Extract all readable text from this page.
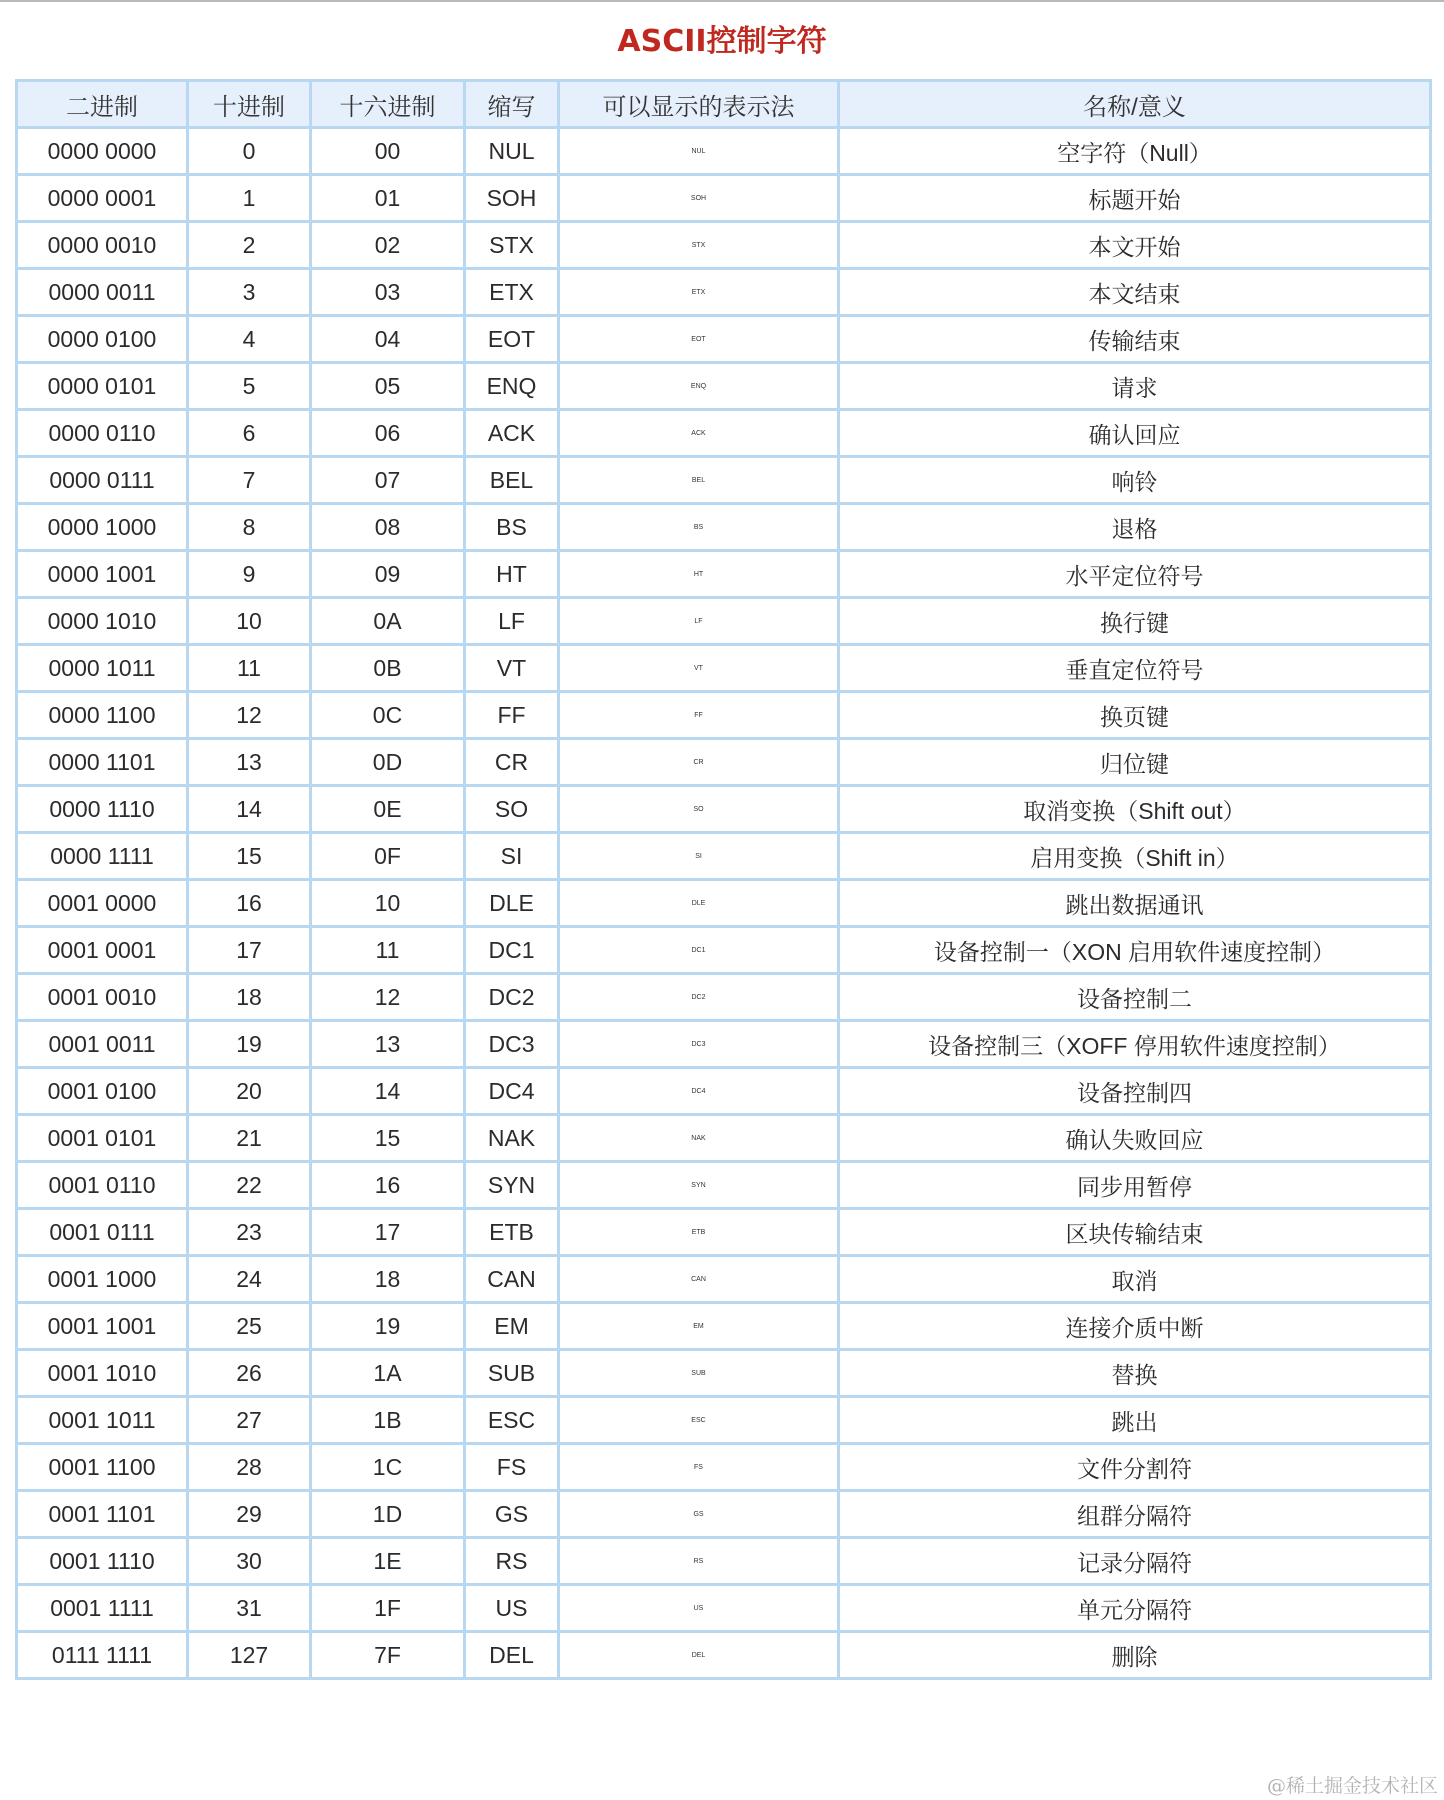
ASCII控制字符
二进制	十进制	十六进制	缩写	可以显示的表示法	名称/意义
0000 0000	0	00	NUL	NUL	空字符（Null）
0000 0001	1	01	SOH	SOH	标题开始
0000 0010	2	02	STX	STX	本文开始
0000 0011	3	03	ETX	ETX	本文结束
0000 0100	4	04	EOT	EOT	传输结束
0000 0101	5	05	ENQ	ENQ	请求
0000 0110	6	06	ACK	ACK	确认回应
0000 0111	7	07	BEL	BEL	响铃
0000 1000	8	08	BS	BS	退格
0000 1001	9	09	HT	HT	水平定位符号
0000 1010	10	0A	LF	LF	换行键
0000 1011	11	0B	VT	VT	垂直定位符号
0000 1100	12	0C	FF	FF	换页键
0000 1101	13	0D	CR	CR	归位键
0000 1110	14	0E	SO	SO	取消变换（Shift out）
0000 1111	15	0F	SI	SI	启用变换（Shift in）
0001 0000	16	10	DLE	DLE	跳出数据通讯
0001 0001	17	11	DC1	DC1	设备控制一（XON 启用软件速度控制）
0001 0010	18	12	DC2	DC2	设备控制二
0001 0011	19	13	DC3	DC3	设备控制三（XOFF 停用软件速度控制）
0001 0100	20	14	DC4	DC4	设备控制四
0001 0101	21	15	NAK	NAK	确认失败回应
0001 0110	22	16	SYN	SYN	同步用暂停
0001 0111	23	17	ETB	ETB	区块传输结束
0001 1000	24	18	CAN	CAN	取消
0001 1001	25	19	EM	EM	连接介质中断
0001 1010	26	1A	SUB	SUB	替换
0001 1011	27	1B	ESC	ESC	跳出
0001 1100	28	1C	FS	FS	文件分割符
0001 1101	29	1D	GS	GS	组群分隔符
0001 1110	30	1E	RS	RS	记录分隔符
0001 1111	31	1F	US	US	单元分隔符
0111 1111	127	7F	DEL	DEL	删除
@稀土掘金技术社区
